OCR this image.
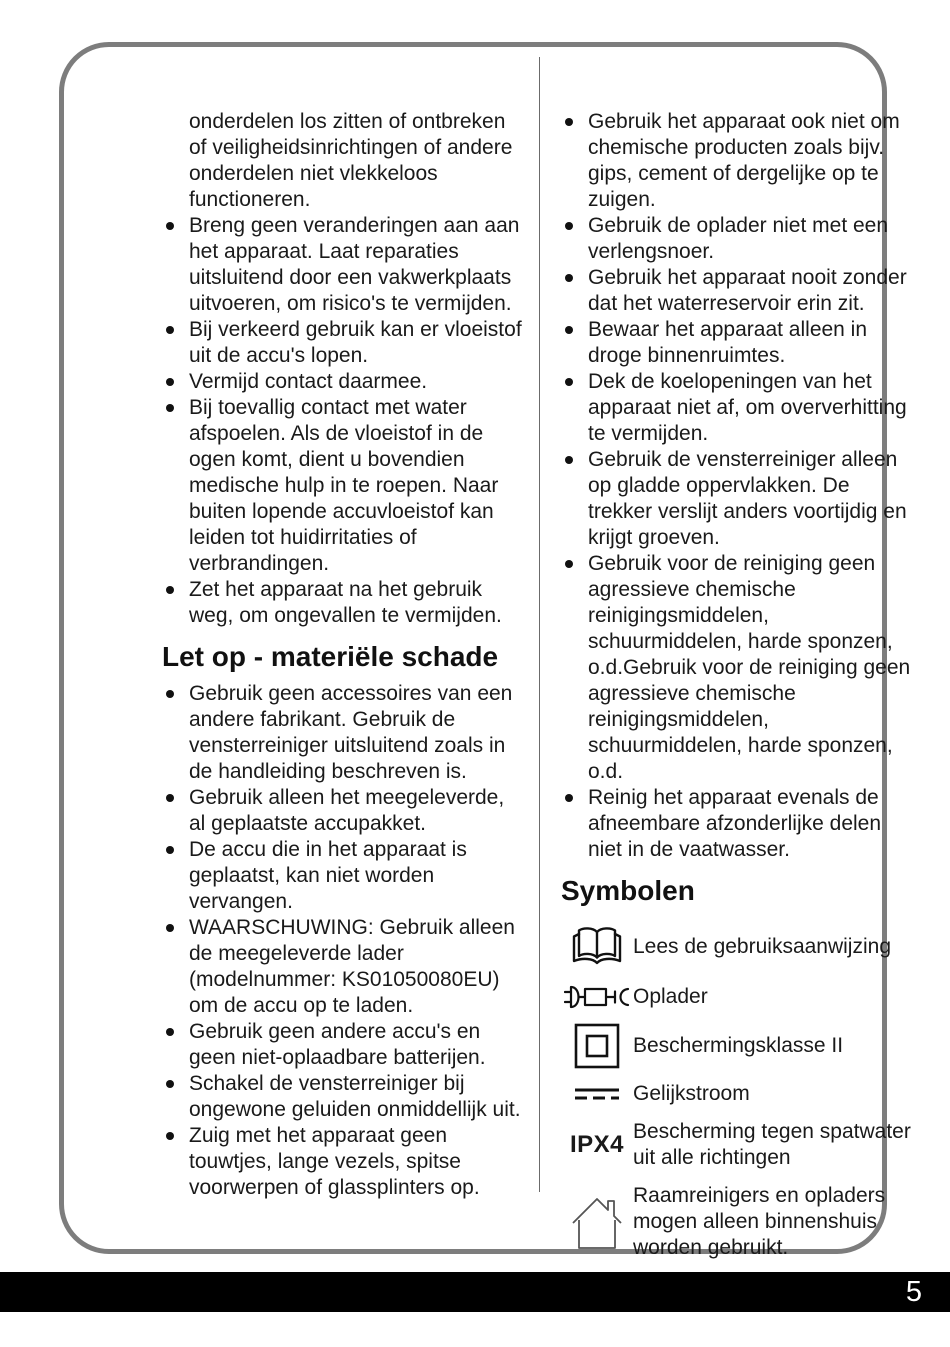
onderdelen los zitten of ontbreken of veiligheidsinrichtingen of andere onderdelen niet vlekkeloos functioneren.

Breng geen veranderingen aan aan het apparaat. Laat reparaties uitsluitend door een vakwerkplaats uitvoeren, om risico's te vermijden.
Bij verkeerd gebruik kan er vloeistof uit de accu's lopen.
Vermijd contact daarmee.
Bij toevallig contact met water afspoelen. Als de vloeistof in de ogen komt, dient u bovendien medische hulp in te roepen. Naar buiten lopende accuvloeistof kan leiden tot huidirritaties of verbrandingen.
Zet het apparaat na het gebruik weg, om ongevallen te vermijden.
Let op - materiële schade
Gebruik geen accessoires van een andere fabrikant. Gebruik de vensterreiniger uitsluitend zoals in de handleiding beschreven is.
Gebruik alleen het meegeleverde, al geplaatste accupakket.
De accu die in het apparaat is geplaatst, kan niet worden vervangen.
WAARSCHUWING: Gebruik alleen de meegeleverde lader (modelnummer: KS01050080EU) om de accu op te laden.
Gebruik geen andere accu's en geen niet-oplaadbare batterijen.
Schakel de vensterreiniger bij ongewone geluiden onmiddellijk uit.
Zuig met het apparaat geen touwtjes, lange vezels, spitse voorwerpen of glassplinters op.
Gebruik het apparaat ook niet om chemische producten zoals bijv. gips, cement of dergelijke op te zuigen.
Gebruik de oplader niet met een verlengsnoer.
Gebruik het apparaat nooit zonder dat het waterreservoir erin zit.
Bewaar het apparaat alleen in droge binnenruimtes.
Dek de koelopeningen van het apparaat niet af, om oververhitting te vermijden.
Gebruik de vensterreiniger alleen op gladde oppervlakken. De trekker verslijt anders voortijdig en krijgt groeven.
Gebruik voor de reiniging geen agressieve chemische reinigingsmiddelen, schuurmiddelen, harde sponzen, o.d.Gebruik voor de reiniging geen agressieve chemische reinigingsmiddelen, schuurmiddelen, harde sponzen, o.d.
Reinig het apparaat evenals de afneembare afzonderlijke delen niet in de vaatwasser.
Symbolen
Lees de gebruiksaanwijzing
Oplader
Beschermingsklasse II
Gelijkstroom
IPX4 Bescherming tegen spatwater uit alle richtingen
Raamreinigers en opladers mogen alleen binnenshuis worden gebruikt.
5
